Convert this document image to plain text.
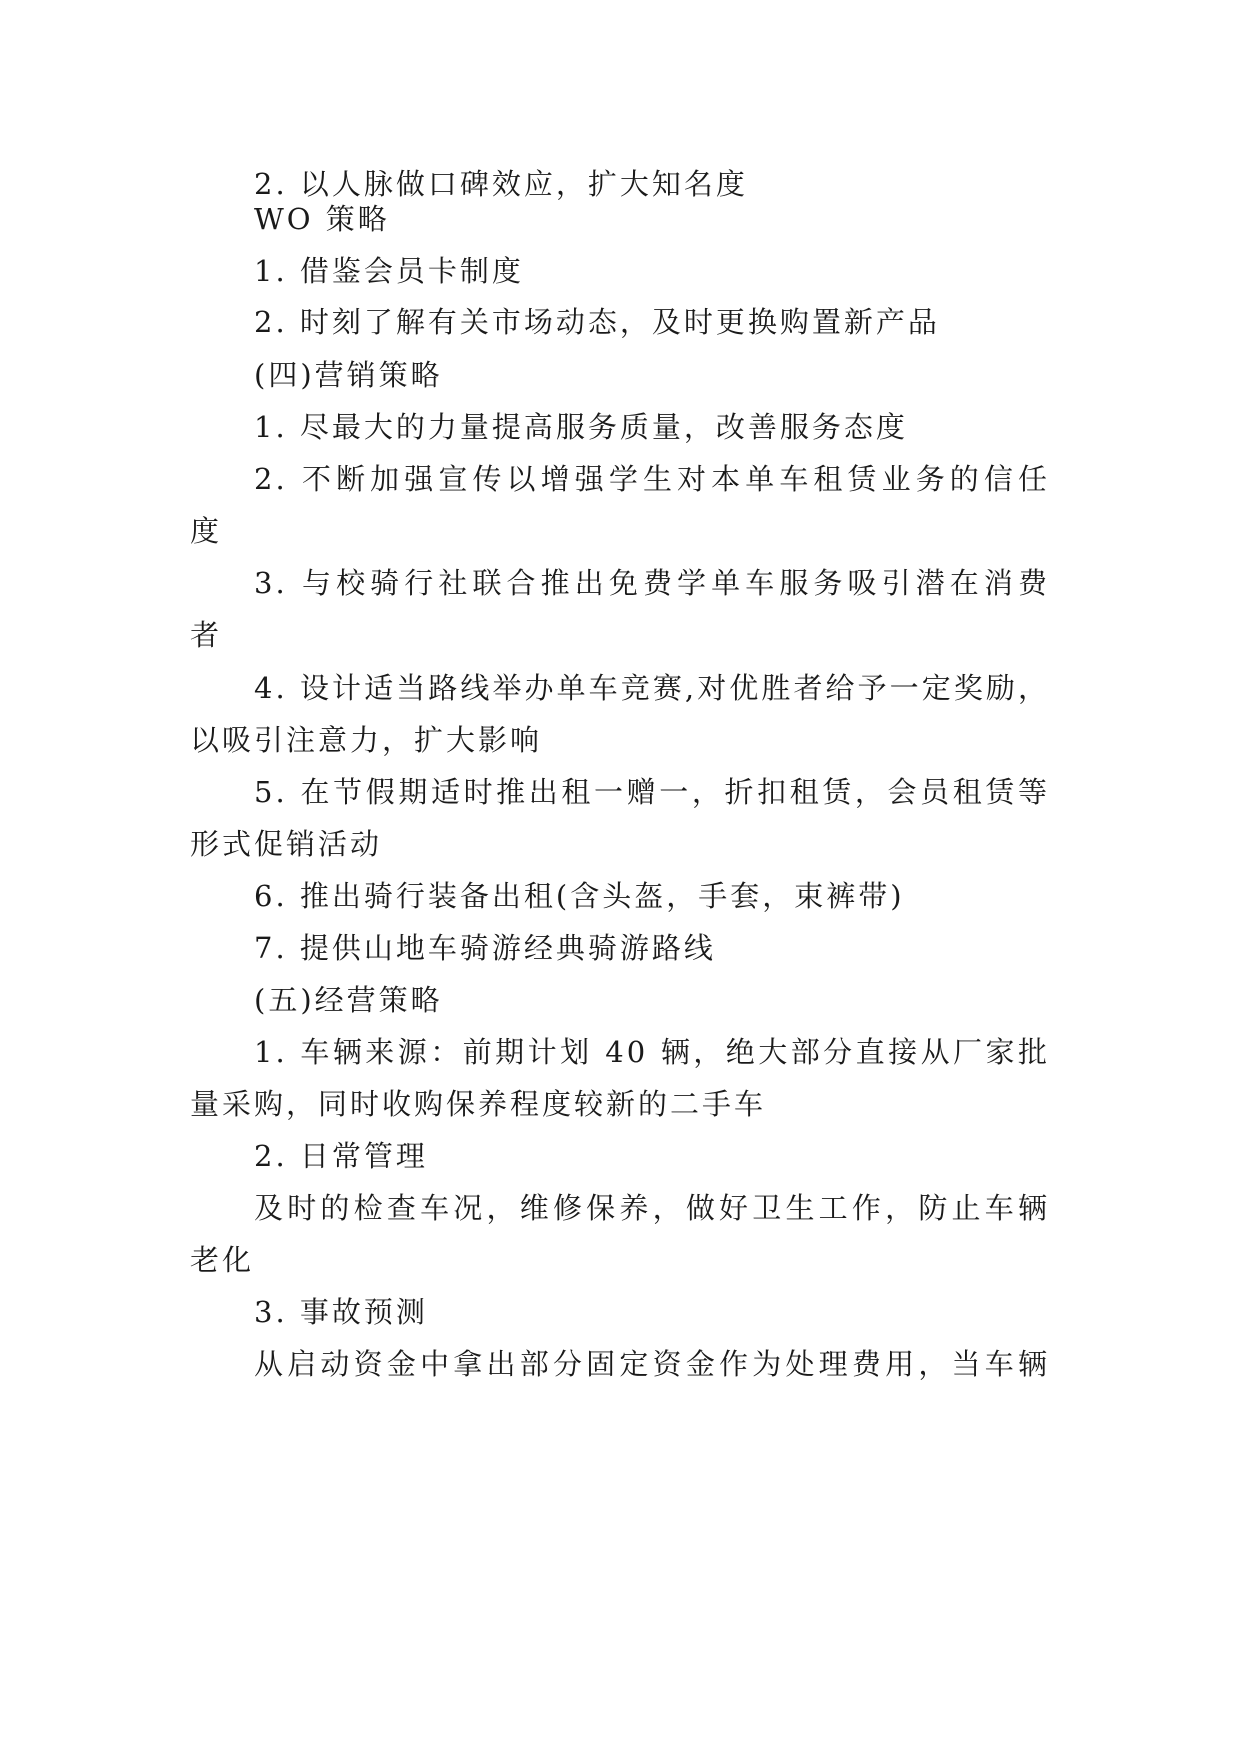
2. 以人脉做口碑效应，扩大知名度
WO 策略
1. 借鉴会员卡制度
2. 时刻了解有关市场动态，及时更换购置新产品
(四)营销策略
1. 尽最大的力量提高服务质量，改善服务态度
2. 不断加强宣传以增强学生对本单车租赁业务的信任
度
3. 与校骑行社联合推出免费学单车服务吸引潜在消费
者
4. 设计适当路线举办单车竞赛,对优胜者给予一定奖励，
以吸引注意力，扩大影响
5. 在节假期适时推出租一赠一，折扣租赁，会员租赁等
形式促销活动
6. 推出骑行装备出租(含头盔，手套，束裤带)
7. 提供山地车骑游经典骑游路线
(五)经营策略
1. 车辆来源：前期计划 40 辆，绝大部分直接从厂家批
量采购，同时收购保养程度较新的二手车
2. 日常管理
及时的检查车况，维修保养，做好卫生工作，防止车辆
老化
3. 事故预测
从启动资金中拿出部分固定资金作为处理费用，当车辆
